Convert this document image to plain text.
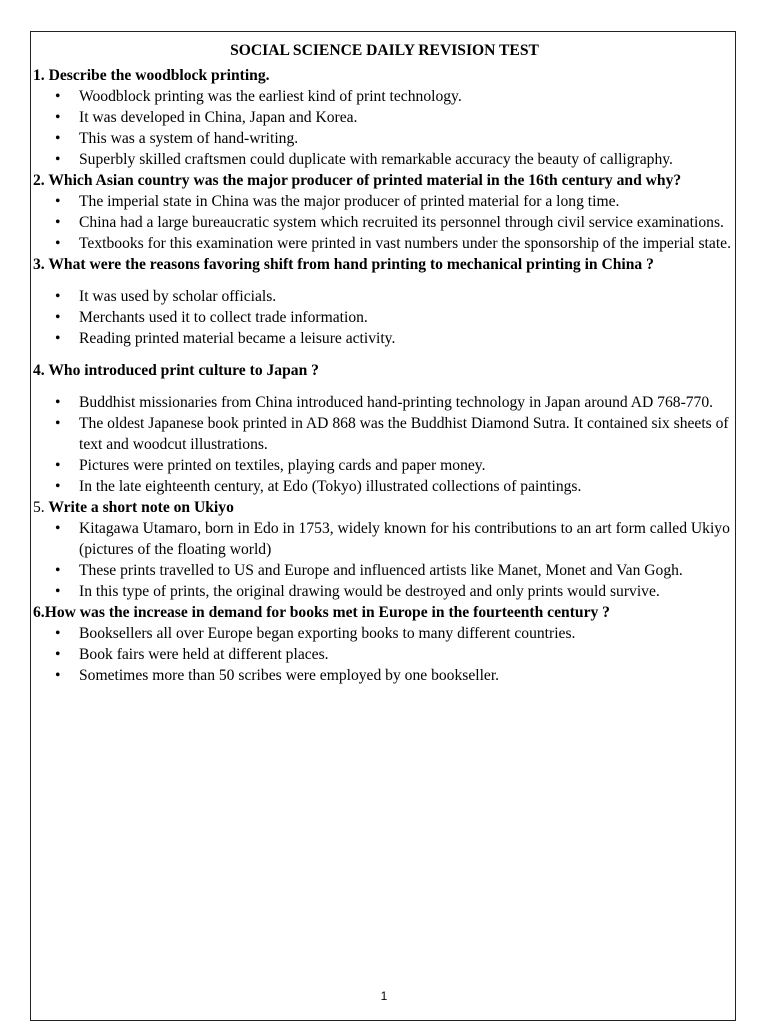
SOCIAL SCIENCE DAILY REVISION TEST

1. Describe the woodblock printing.

• Woodblock printing was the earliest kind of print technology.
• It was developed in China, Japan and Korea.
• This was a system of hand-writing.
• Superbly skilled craftsmen could duplicate with remarkable accuracy the beauty of calligraphy.

2. Which Asian country was the major producer of printed material in the 16th century and why?

• The imperial state in China was the major producer of printed material for a long time.
• China had a large bureaucratic system which recruited its personnel through civil service examinations.
• Textbooks for this examination were printed in vast numbers under the sponsorship of the imperial state.

3. What were the reasons favoring shift from hand printing to mechanical printing in China ?

• It was used by scholar officials.
• Merchants used it to collect trade information.
• Reading printed material became a leisure activity.

4. Who introduced print culture to Japan ?

• Buddhist missionaries from China introduced hand-printing technology in Japan around AD 768-770.
• The oldest Japanese book printed in AD 868 was the Buddhist Diamond Sutra. It contained six sheets of text and woodcut illustrations.
• Pictures were printed on textiles, playing cards and paper money.
• In the late eighteenth century, at Edo (Tokyo) illustrated collections of paintings.

5. Write a short note on Ukiyo

• Kitagawa Utamaro, born in Edo in 1753, widely known for his contributions to an art form called Ukiyo (pictures of the floating world)
• These prints travelled to US and Europe and influenced artists like Manet, Monet and Van Gogh.
• In this type of prints, the original drawing would be destroyed and only prints would survive.

6.How was the increase in demand for books met in Europe in the fourteenth century ?

• Booksellers all over Europe began exporting books to many different countries.
• Book fairs were held at different places.
• Sometimes more than 50 scribes were employed by one bookseller.
1
